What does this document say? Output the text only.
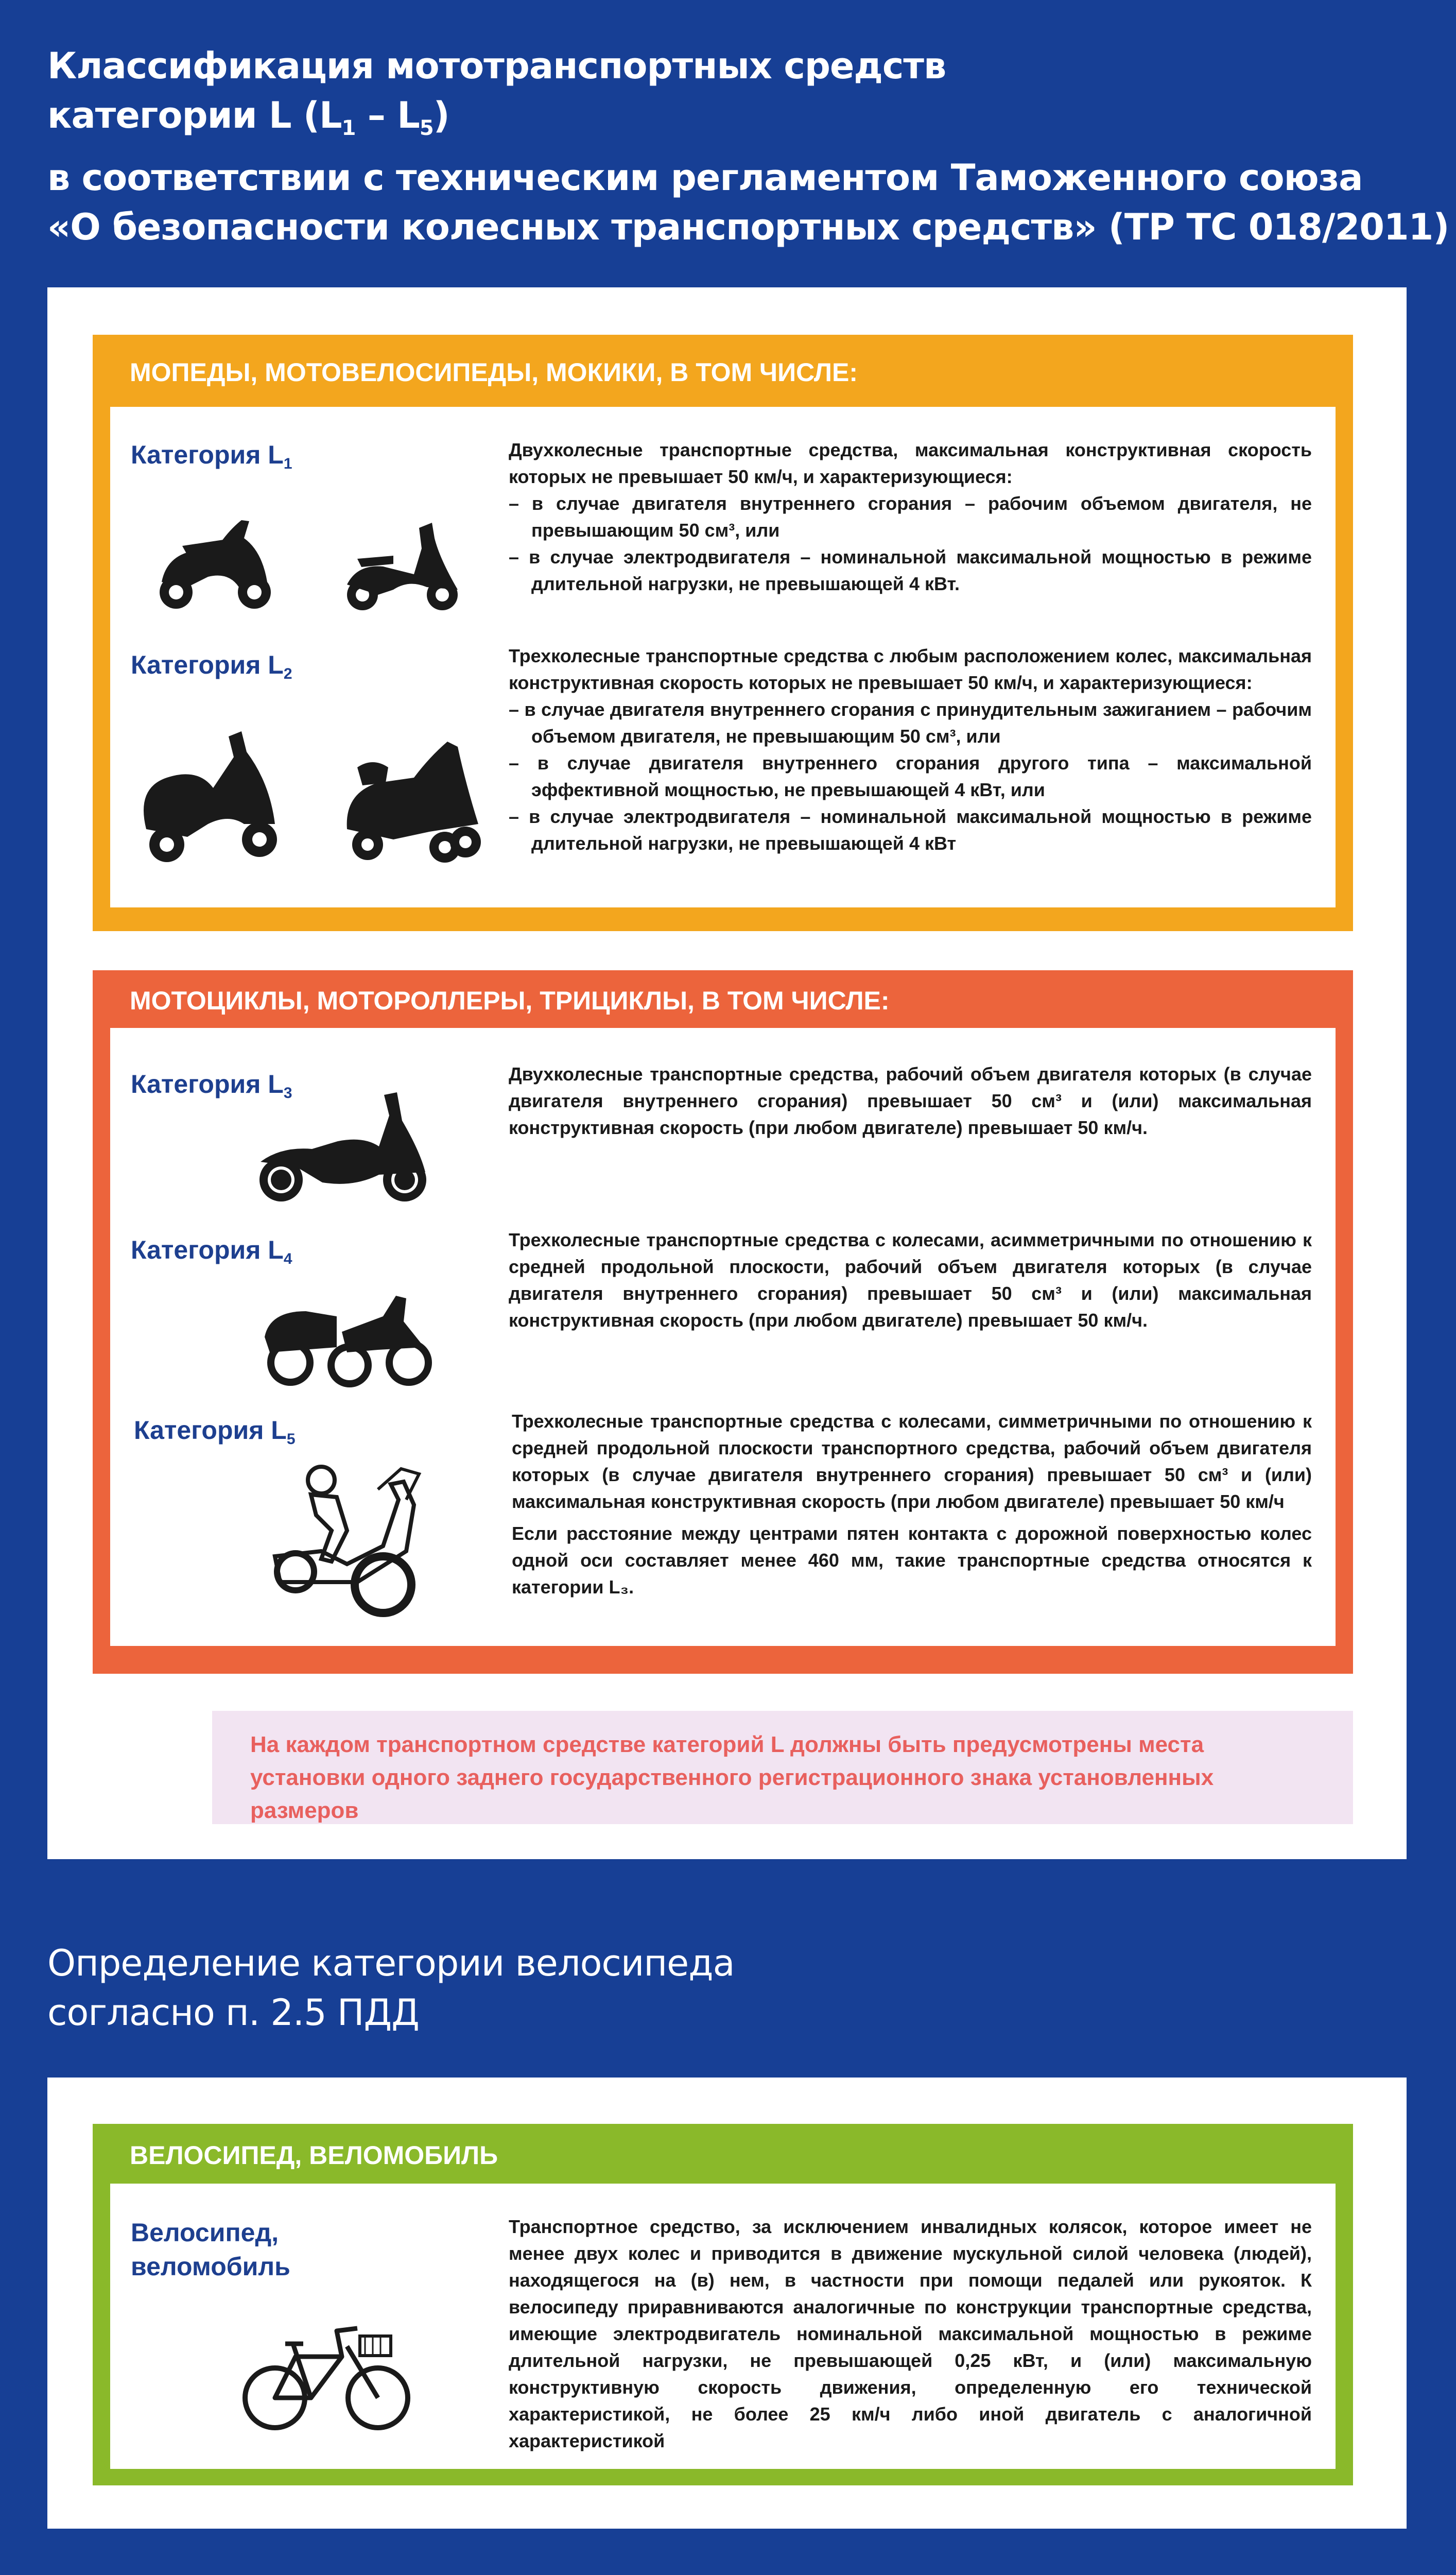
Классификация мототранспортных средств
категории L $(L_1 - L_5)$
в соответствии с техническим регламентом Таможенного союза
«О безопасности колесных транспортных средств» (ТР ТС 018/2011)
МОПЕДЫ, МОТОВЕЛОСИПЕДЫ, МОКИКИ, В ТОМ ЧИСЛЕ:
Категория $L_1$

Двухколесные транспортные средства, максимальная конструктивная скорость которых не превышает 50 км/ч, и характеризующиеся:

– в случае двигателя внутреннего сгорания – рабочим объемом двигателя, не превышающим 50 см³, или
– в случае электродвигателя – номинальной максимальной мощностью в режиме длительной нагрузки, не превышающей 4 кВт.
Категория $L_2$

Трехколесные транспортные средства с любым расположением колес, максимальная конструктивная скорость которых не превышает 50 км/ч, и характеризующиеся:

– в случае двигателя внутреннего сгорания с принудительным зажиганием – рабочим объемом двигателя, не превышающим 50 см³, или
– в случае двигателя внутреннего сгорания другого типа – максимальной эффективной мощностью, не превышающей 4 кВт, или
– в случае электродвигателя – номинальной максимальной мощностью в режиме длительной нагрузки, не превышающей 4 кВт
МОТОЦИКЛЫ, МОТОРОЛЛЕРЫ, ТРИЦИКЛЫ, В ТОМ ЧИСЛЕ:
Категория $L_3$
Двухколесные транспортные средства, рабочий объем двигателя которых (в случае двигателя внутреннего сгорания) превышает 50 см³ и (или) максимальная конструктивная скорость (при любом двигателе) превышает 50 км/ч.
Категория $L_4$
Трехколесные транспортные средства с колесами, асимметричными по отношению к средней продольной плоскости, рабочий объем двигателя которых (в случае двигателя внутреннего сгорания) превышает 50 см³ и (или) максимальная конструктивная скорость (при любом двигателе) превышает 50 км/ч.
Категория $L_5$

Трехколесные транспортные средства с колесами, симметричными по отношению к средней продольной плоскости транспортного средства, рабочий объем двигателя которых (в случае двигателя внутреннего сгорания) превышает 50 см³ и (или) максимальная конструктивная скорость (при любом двигателе) превышает 50 км/ч

Если расстояние между центрами пятен контакта с дорожной поверхностью колес одной оси составляет менее 460 мм, такие транспортные средства относятся к категории L₃.

На каждом транспортном средстве категорий L должны быть предусмотрены места установки одного заднего государственного регистрационного знака установленных размеров
Определение категории велосипеда
согласно п. 2.5 ПДД
ВЕЛОСИПЕД, ВЕЛОМОБИЛЬ
Велосипед,
веломобиль
Транспортное средство, за исключением инвалидных колясок, которое имеет не менее двух колес и приводится в движение мускульной силой человека (людей), находящегося на (в) нем, в частности при помощи педалей или рукояток. К велосипеду приравниваются аналогичные по конструкции транспортные средства, имеющие электродвигатель номинальной максимальной мощностью в режиме длительной нагрузки, не превышающей 0,25 кВт, и (или) максимальную конструктивную скорость движения, определенную его технической характеристикой, не более 25 км/ч либо иной двигатель с аналогичной характеристикой
